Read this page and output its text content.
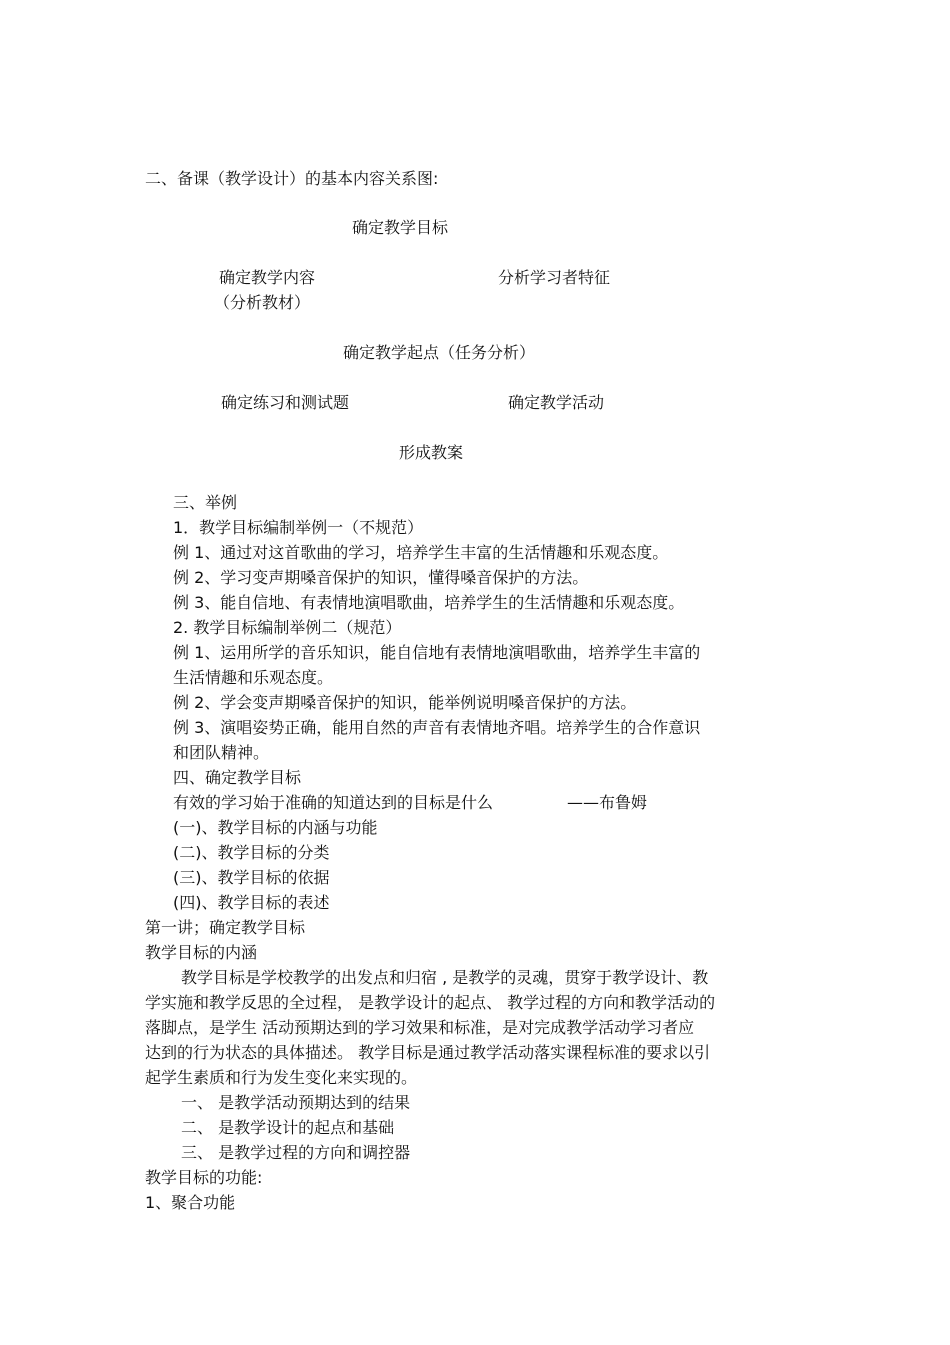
二、备课（教学设计）的基本内容关系图:

确定教学目标

确定教学内容

（分析教材）

分析学习者特征

确定教学起点（任务分析）

确定练习和测试题	确定教学活动

形成教案

三、举例

1．教学目标编制举例一（不规范）

例 1、通过对这首歌曲的学习，培养学生丰富的生活情趣和乐观态度。

例 2、学习变声期嗓音保护的知识，懂得嗓音保护的方法。

例 3、能自信地、有表情地演唱歌曲，培养学生的生活情趣和乐观态度。

2. 教学目标编制举例二（规范）

例 1、运用所学的音乐知识，能自信地有表情地演唱歌曲，培养学生丰富的

生活情趣和乐观态度。

例 2、学会变声期嗓音保护的知识，能举例说明嗓音保护的方法。

例 3、演唱姿势正确，能用自然的声音有表情地齐唱。培养学生的合作意识

和团队精神。

四、确定教学目标

有效的学习始于准确的知道达到的目标是什么	——布鲁姆

(一)、教学目标的内涵与功能

(二)、教学目标的分类

(三)、教学目标的依据

(四)、教学目标的表述

第一讲；确定教学目标

教学目标的内涵

教学目标是学校教学的出发点和归宿 , 是教学的灵魂，贯穿于教学设计、教

学实施和教学反思的全过程， 是教学设计的起点、 教学过程的方向和教学活动的

落脚点，是学生 活动预期达到的学习效果和标准，是对完成教学活动学习者应

达到的行为状态的具体描述。 教学目标是通过教学活动落实课程标准的要求以引

起学生素质和行为发生变化来实现的。

一、 是教学活动预期达到的结果

二、 是教学设计的起点和基础

三、 是教学过程的方向和调控器

教学目标的功能:

1、聚合功能
